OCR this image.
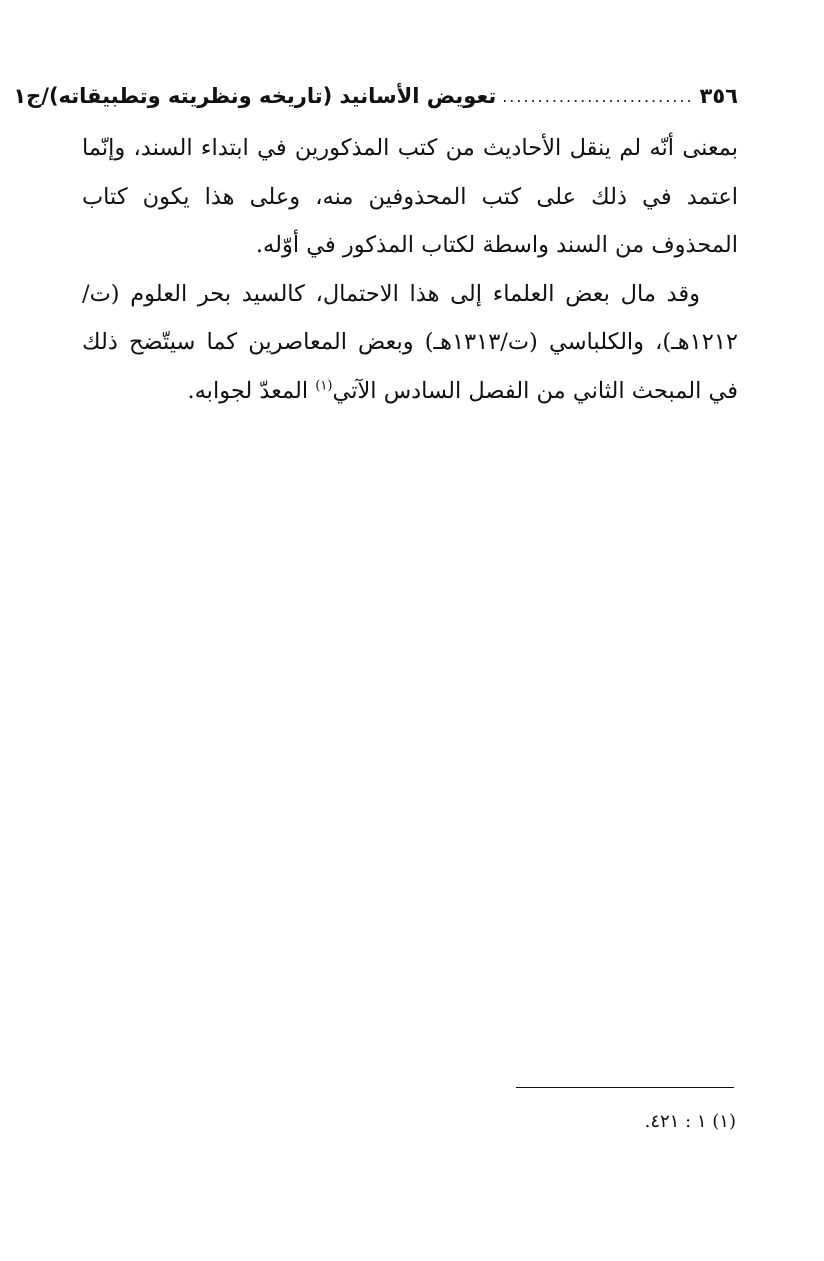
٣٥٦
...........................
تعويض الأسانيد (تاريخه ونظريته وتطبيقاته)/ج١

بمعنى أنّه لم ينقل الأحاديث من كتب المذكورين في ابتداء السند، وإنّما اعتمد في ذلك على كتب المحذوفين منه، وعلى هذا يكون كتاب المحذوف من السند واسطة لكتاب المذكور في أوّله.

وقد مال بعض العلماء إلى هذا الاحتمال، كالسيد بحر العلوم (ت/١٢١٢هـ)، والكلباسي (ت/١٣١٣هـ) وبعض المعاصرين كما سيتّضح ذلك في المبحث الثاني من الفصل السادس الآتي$^{(١)}$ المعدّ لجوابه.

(١) ١ : ٤٢١.
